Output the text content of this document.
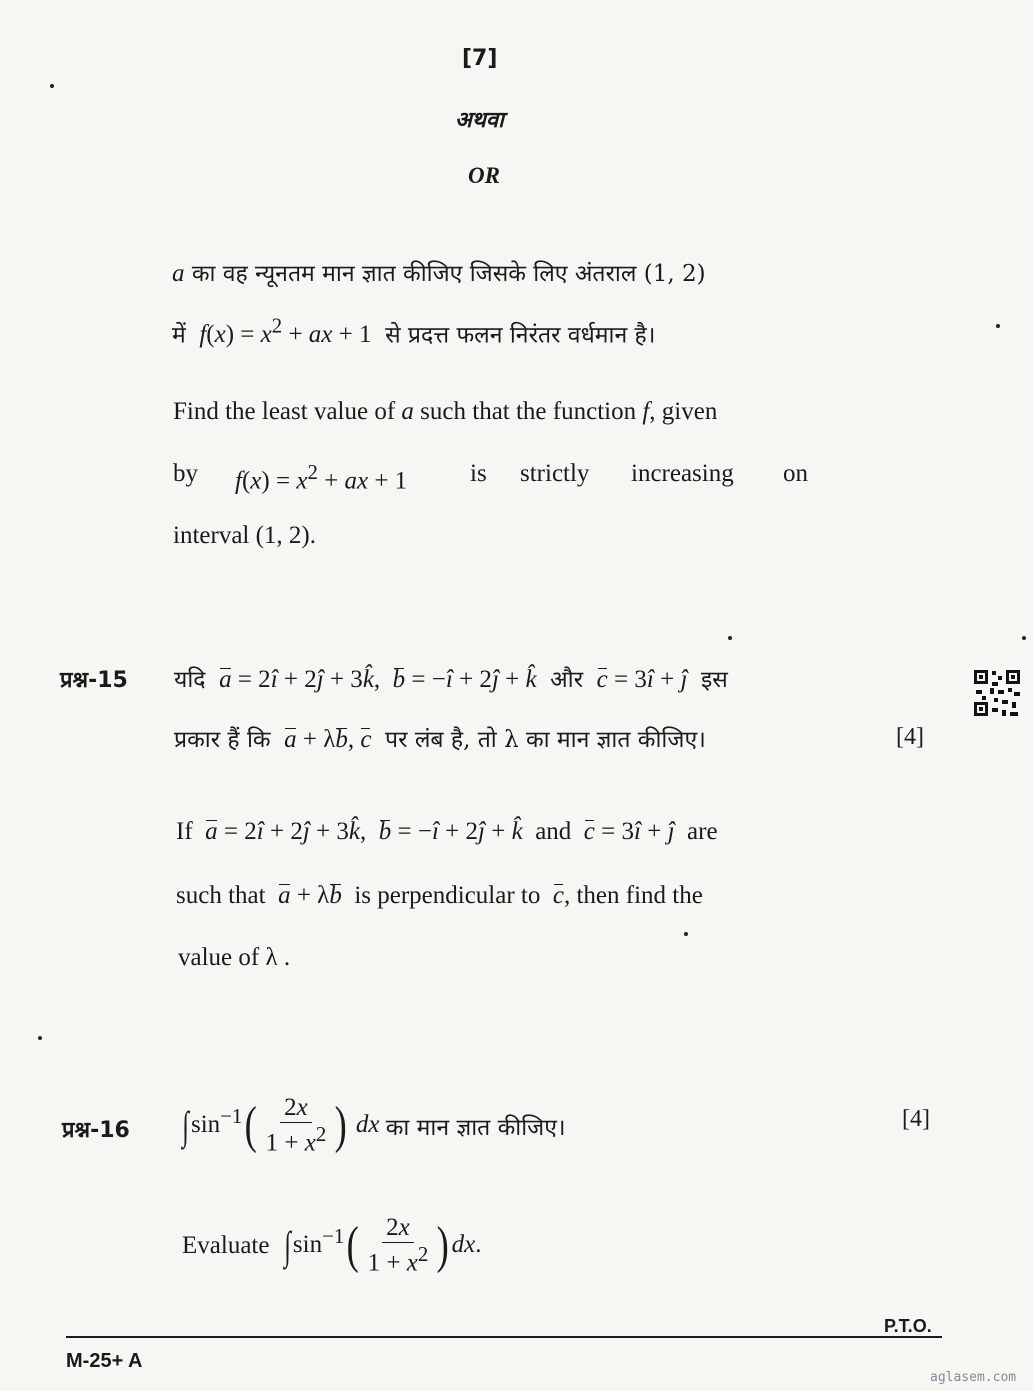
[7]
अथवा
OR
a का वह न्यूनतम मान ज्ञात कीजिए जिसके लिए अंतराल (1, 2)
में $f(x) = x^2$ + ax + 1  से प्रदत्त फलन निरंतर वर्धमान है।
Find the least value of a such that the function f, given
by $f(x) = x^2$ + ax + 1	is strictly increasing on
interval (1, 2).
प्रश्न-15 यदि a = 2î + 2ĵ + 3k̂,  b = −î + 2ĵ + k̂ और c = 3î + ĵ इस
प्रकार हैं कि a + λb, c पर लंब है, तो λ का मान ज्ञात कीजिए।	[4]
If a = 2î + 2ĵ + 3k̂,  b = −î + 2ĵ + k̂ and c = 3î + ĵ are
such that a + λb is perpendicular to c, then find the
value of λ .
प्रश्न-16 $\int\sin^{-1}( \frac{2x}{1 + x^2}$ ) dx का मान ज्ञात कीजिए।	[4]
Evaluate $\int\sin^{-1}( \frac{2x}{1 + x^2}$ ) dx.
P.T.O.
M-25+ A
aglasem.com
